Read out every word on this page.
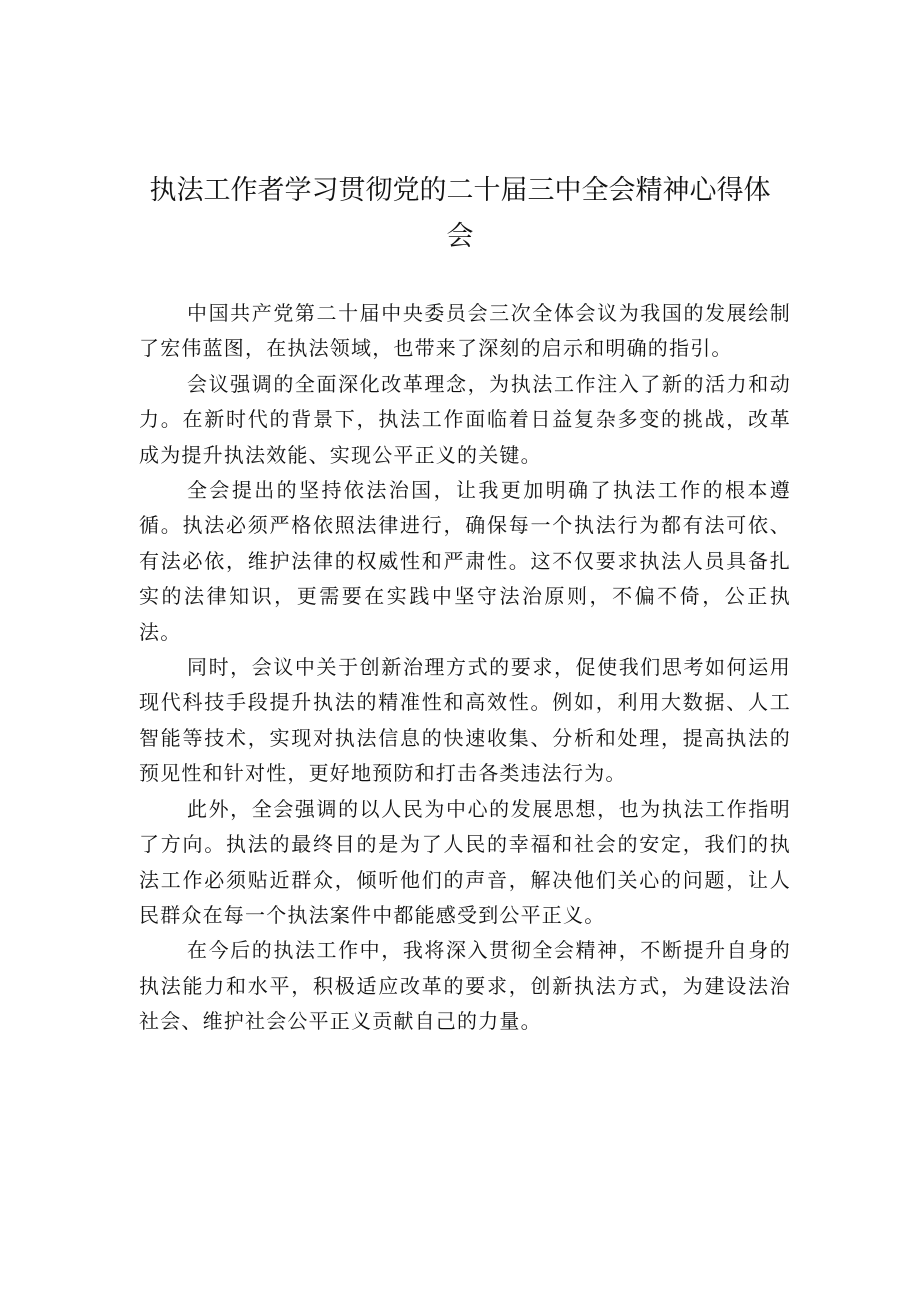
执法工作者学习贯彻党的二十届三中全会精神心得体会

中国共产党第二十届中央委员会三次全体会议为我国的发展绘制了宏伟蓝图，在执法领域，也带来了深刻的启示和明确的指引。

会议强调的全面深化改革理念，为执法工作注入了新的活力和动力。在新时代的背景下，执法工作面临着日益复杂多变的挑战，改革成为提升执法效能、实现公平正义的关键。

全会提出的坚持依法治国，让我更加明确了执法工作的根本遵循。执法必须严格依照法律进行，确保每一个执法行为都有法可依、有法必依，维护法律的权威性和严肃性。这不仅要求执法人员具备扎实的法律知识，更需要在实践中坚守法治原则，不偏不倚，公正执法。

同时，会议中关于创新治理方式的要求，促使我们思考如何运用现代科技手段提升执法的精准性和高效性。例如，利用大数据、人工智能等技术，实现对执法信息的快速收集、分析和处理，提高执法的预见性和针对性，更好地预防和打击各类违法行为。

此外，全会强调的以人民为中心的发展思想，也为执法工作指明了方向。执法的最终目的是为了人民的幸福和社会的安定，我们的执法工作必须贴近群众，倾听他们的声音，解决他们关心的问题，让人民群众在每一个执法案件中都能感受到公平正义。

在今后的执法工作中，我将深入贯彻全会精神，不断提升自身的执法能力和水平，积极适应改革的要求，创新执法方式，为建设法治社会、维护社会公平正义贡献自己的力量。
